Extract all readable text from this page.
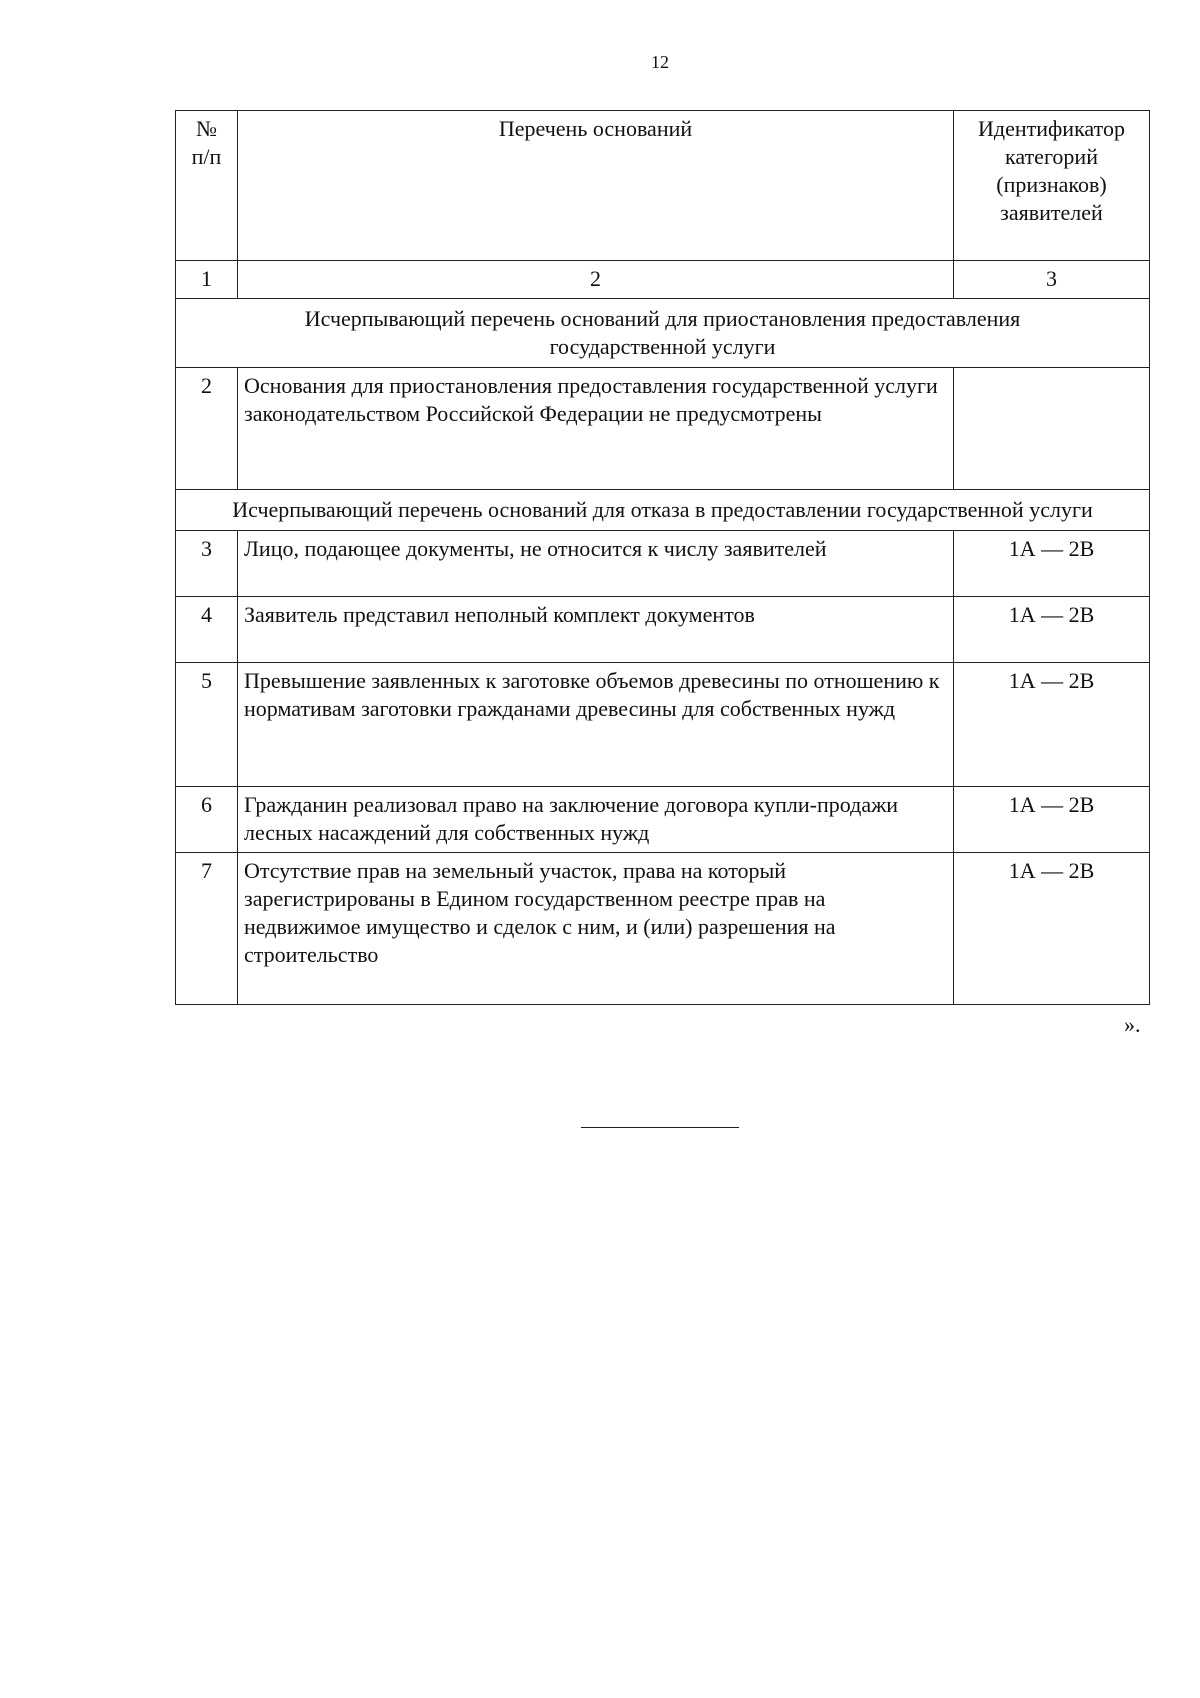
12
№
п/п	Перечень оснований	Идентификатор категорий (признаков) заявителей
1	2	3
Исчерпывающий перечень оснований для приостановления предоставления государственной услуги		
2	Основания для приостановления предоставления государственной услуги законодательством Российской Федерации не предусмотрены	
Исчерпывающий перечень оснований для отказа в предоставлении государственной услуги		
3	Лицо, подающее документы, не относится к числу заявителей	1А — 2В
4	Заявитель представил неполный комплект документов	1А — 2В
5	Превышение заявленных к заготовке объемов древесины по отношению к нормативам заготовки гражданами древесины для собственных нужд	1А — 2В
6	Гражданин реализовал право на заключение договора купли-продажи лесных насаждений для собственных нужд	1А — 2В
7	Отсутствие прав на земельный участок, права на который зарегистрированы в Едином государственном реестре прав на недвижимое имущество и сделок с ним, и (или) разрешения на строительство	1А — 2В
».
